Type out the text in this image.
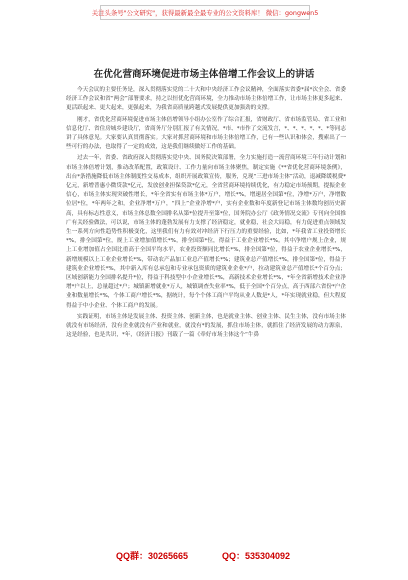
关注头条号"公文研究"，获得最新最全最专业的公文资料库！ 微信：gongwen5
在优化营商环境促进市场主体倍增工作会议上的讲话

今天会议的主要任务是，深入贯彻落实党的二十大和中央经济工作会议精神，全面落实省委*届*次全会、省委经济工作会议和省“两会”部署要求，持之以恒优化营商环境，全力推动市场主体倍增工作，让市场主体更多起来、更活跃起来、更大起来，更强起来，为我省高质量跨越式发展提供更加强劲的支撑。

刚才，省优化营商环境促进市场主体倍增领导小组办公室作了综合汇报，省财政厅、省市场监管局、省工业和信息化厅、省住房城乡建设厅，省商务厅分别汇报了有关情况，*市、*市作了交流发言，*、*、*、*、*、*等同志讲了具体意见。大家要认真贯彻落实。大家对抓营商环境和市场主体倍增工作，已有一些认识和体会，搜索出了一些可行的办法，也取得了一定的成效，这是我们继续做好工作的基础。

过去一年，省委、省政府深入贯彻落实党中央、国务院决策部署，全力实施打造一流营商环境三年行动计划和市场主体倍增计划，推动改革配置，政策设计、工作力量向市场主体聚焦，制定实施《**省优化营商环境条例》，出台*条措施降低市场主体制度性交易成本，组织开展政策宣传，服务，兑现“三进市场主体”活动，退减降缓税费*亿元，新增普惠小微贷款*亿元，发放创业担保贷款*亿元，全省营商环境持续优化，有力稳定市场预期，提振企业信心，市场主体实现突破性增长，*年全省实有市场主体*万户，增长*%，增速居全国第*位，净增*万户，净增数位居*位，*年两年之和，企业净增*万户，“四上”企业净增*户，实有企业数和年度新登记市场主体数均创历史新高，具有标志性意义，市场主体总数全国排名从第*位提升至第*位，国务院办公厅《政务情况交流》专刊向全国推广有关经验做法，可以说，市场主体的蓬勃发展有力支撑了经济稳定，就业稳，社会大局稳，有力促进重点领域发生一系列方向性趋势性积极变化，这里我们有力有效对冲经济下行压力的重要经验，比如，*年我省工业投资增长*%，排全国第*位，规上工业增加值增长*%，排全国第*位，得益于工业企业增长*%。其中净增户规上企业，规上工业增加值占全国比重高于全国平均水平，农业投资额同比增长*%，排全国第*位，得益于农业企业增长*%，新增规模以上工业企业增长*%，带动农产品加工业总产值增长*%；建筑业总产值增长*%，排全国第*位，得益于建筑业企业增长*%，其中新入库有总承包和专业承包资质的建筑业企业*户，拉动建筑业总产值增长*个百分点；区域创新能力全国排名提升*位，得益于科技型中小企业增长*%，高新技术企业增长*%，*年全省新增技术企业净增*户以上，总量超过*户；城镇新增就业*万人，城镇调查失业率*%，低于全国*个百分点，高于西部六省份*户企业和数量增长*%，个体工商户增长*%，据统计，每个个体工商户平均从业人数是*人，*年实现就业稳，但大程度得益于中小企业、个体工商户的发展。

实践证明，市场主体是发展主体、投资主体、创新主体，也是就业主体、创业主体、民生主体，没有市场主体就没有市场经济，没有企业就没有产业和就业，就没有*的发展，抓住市场主体，就抓住了经济发展的动力源泉，这是经验，也是共识，*年，《经济日报》刊载了一篇《牵好市场主体这个“牛鼻

QQ群：30265665	QQ：535304092
